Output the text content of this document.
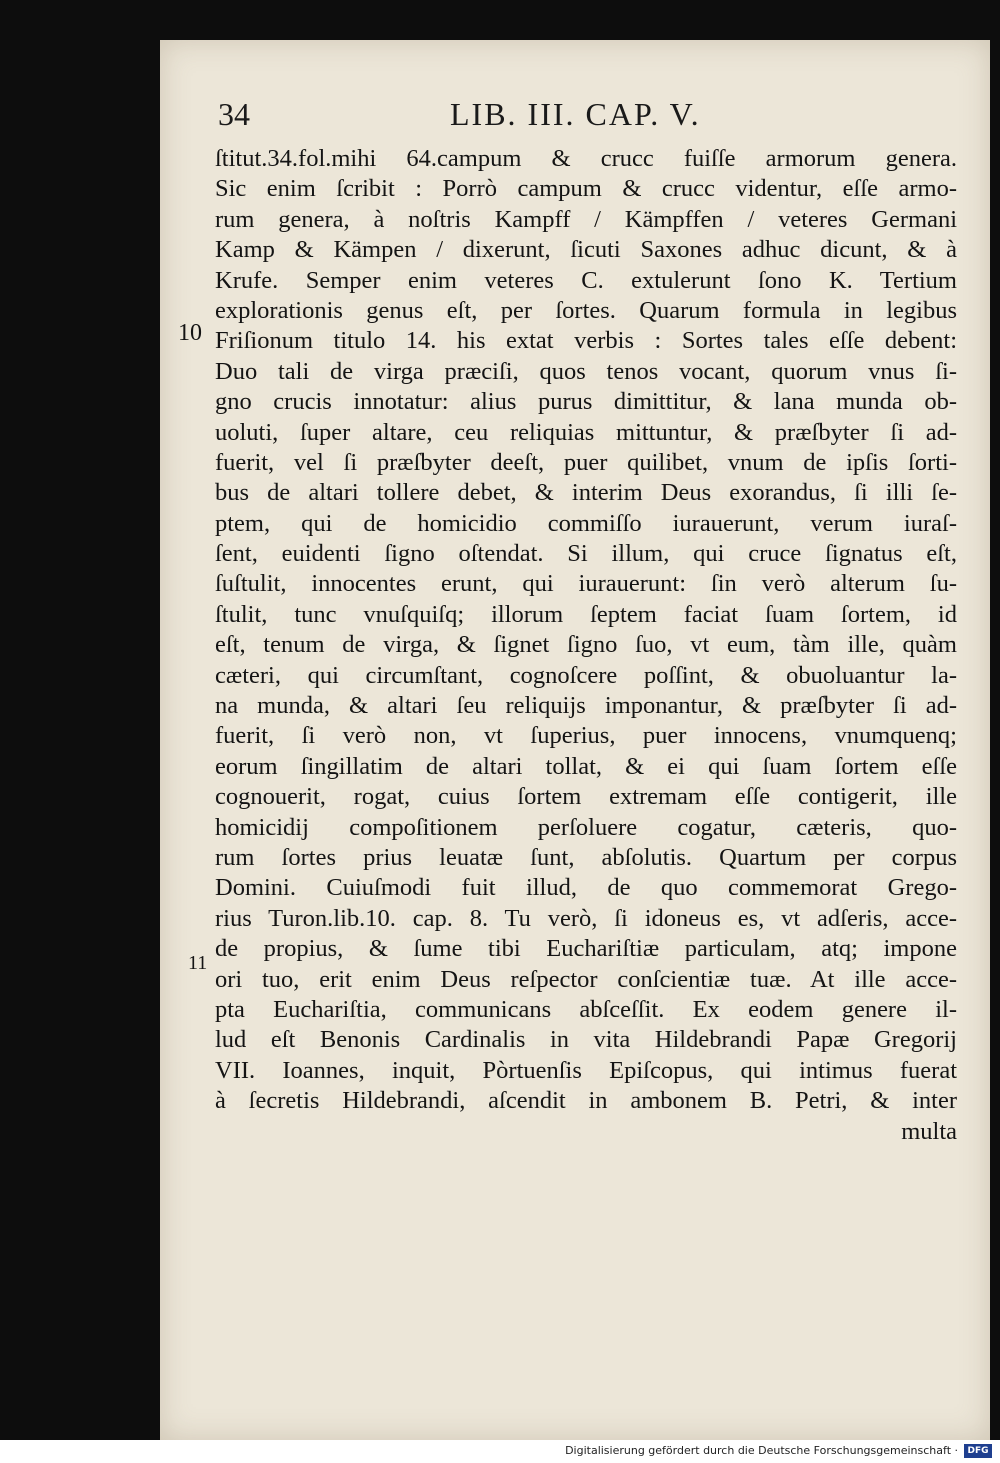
34	LIB. III. CAP. V.
10
11
ſtitut.34.fol.mihi 64.campum & crucc fuiſſe armorum genera.
Sic enim ſcribit : Porrò campum & crucc videntur, eſſe armo-
rum genera, à noſtris Kampff / Kämpffen / veteres Germani
Kamp & Kämpen / dixerunt, ſicuti Saxones adhuc dicunt, & à
Krufe. Semper enim veteres C. extulerunt ſono K. Tertium
explorationis genus eſt, per ſortes. Quarum formula in legibus
Friſionum titulo 14. his extat verbis : Sortes tales eſſe debent:
Duo tali de virga præciſi, quos tenos vocant, quorum vnus ſi-
gno crucis innotatur: alius purus dimittitur, & lana munda ob-
uoluti, ſuper altare, ceu reliquias mittuntur, & præſbyter ſi ad-
fuerit, vel ſi præſbyter deeſt, puer quilibet, vnum de ipſis ſorti-
bus de altari tollere debet, & interim Deus exorandus, ſi illi ſe-
ptem, qui de homicidio commiſſo iurauerunt, verum iuraſ-
ſent, euidenti ſigno oſtendat. Si illum, qui cruce ſignatus eſt,
ſuſtulit, innocentes erunt, qui iurauerunt: ſin verò alterum ſu-
ſtulit, tunc vnuſquiſq; illorum ſeptem faciat ſuam ſortem, id
eſt, tenum de virga, & ſignet ſigno ſuo, vt eum, tàm ille, quàm
cæteri, qui circumſtant, cognoſcere poſſint, & obuoluantur la-
na munda, & altari ſeu reliquijs imponantur, & præſbyter ſi ad-
fuerit, ſi verò non, vt ſuperius, puer innocens, vnumquenq;
eorum ſingillatim de altari tollat, & ei qui ſuam ſortem eſſe
cognouerit, rogat, cuius ſortem extremam eſſe contigerit, ille
homicidij compoſitionem perſoluere cogatur, cæteris, quo-
rum ſortes prius leuatæ ſunt, abſolutis. Quartum per corpus
Domini. Cuiuſmodi fuit illud, de quo commemorat Grego-
rius Turon.lib.10. cap. 8. Tu verò, ſi idoneus es, vt adſeris, acce-
de propius, & ſume tibi Euchariſtiæ particulam, atq; impone
ori tuo, erit enim Deus reſpector conſcientiæ tuæ. At ille acce-
pta Euchariſtia, communicans abſceſſit. Ex eodem genere il-
lud eſt Benonis Cardinalis in vita Hildebrandi Papæ Gregorij
VII. Ioannes, inquit, Pòrtuenſis Epiſcopus, qui intimus fuerat
à ſecretis Hildebrandi, aſcendit in ambonem B. Petri, & inter
multa
Digitalisierung gefördert durch die Deutsche Forschungsgemeinschaft ·	DFG
